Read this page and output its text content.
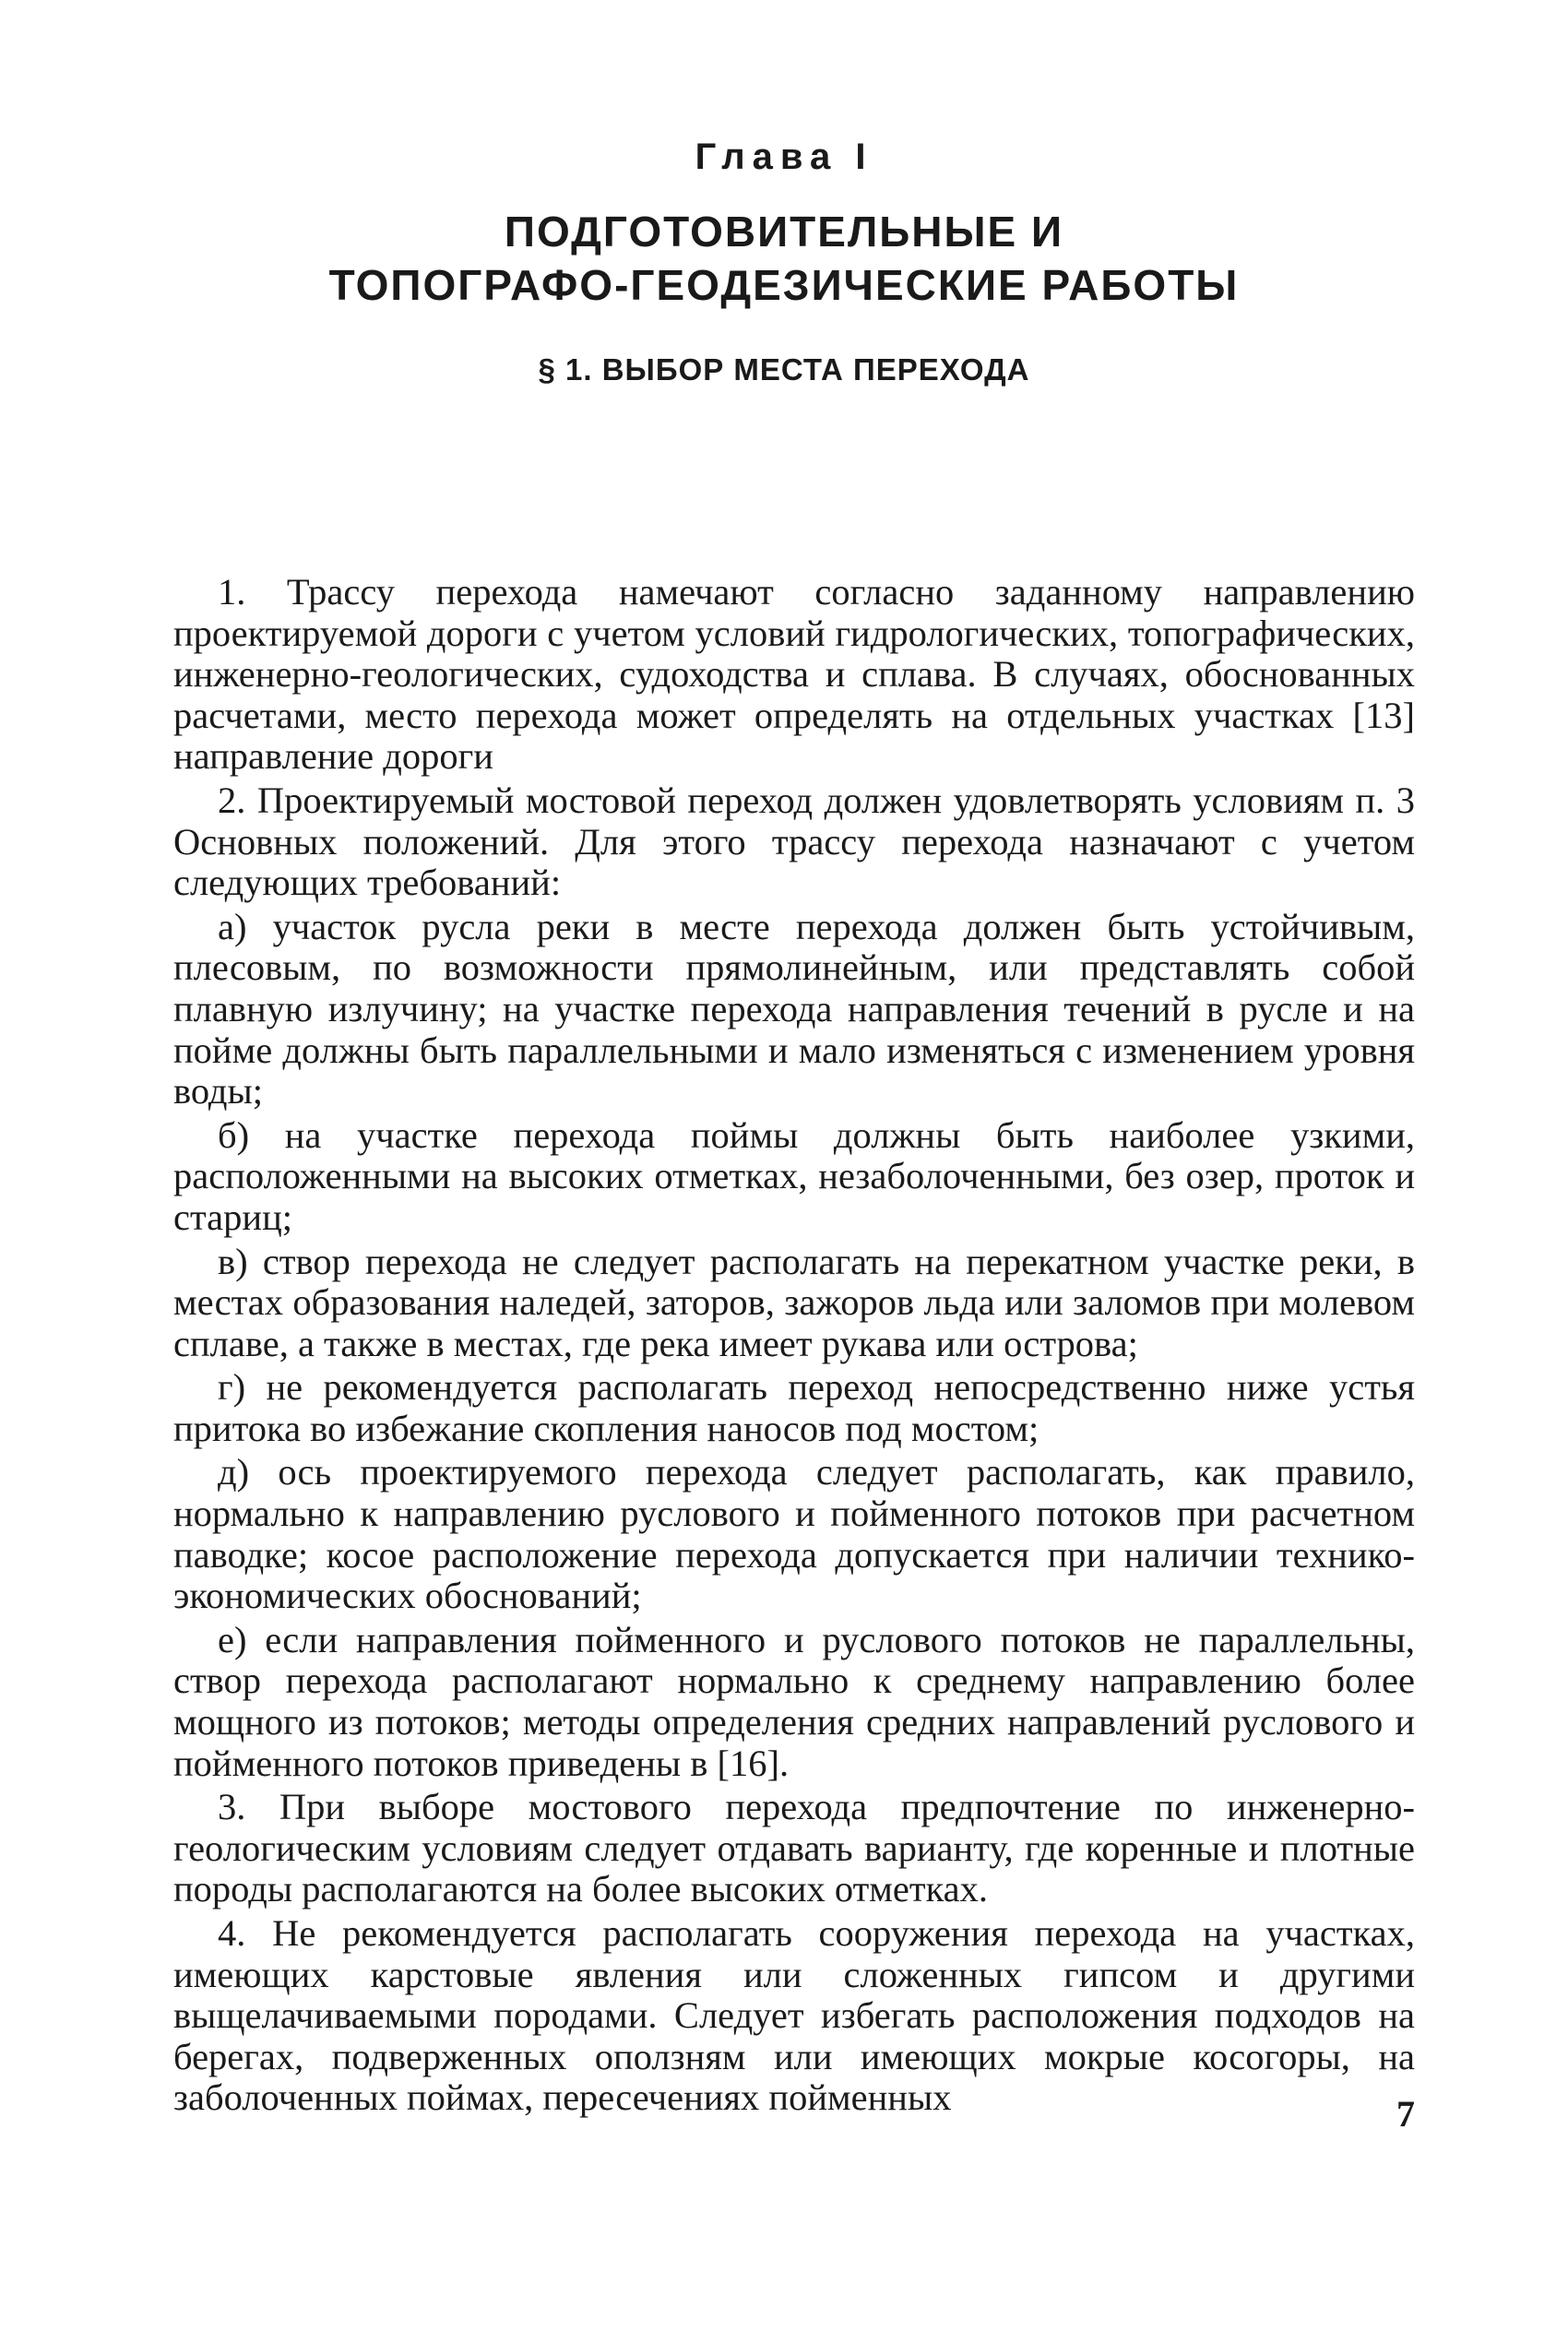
Глава I
ПОДГОТОВИТЕЛЬНЫЕ И
ТОПОГРАФО-ГЕОДЕЗИЧЕСКИЕ РАБОТЫ
§ 1. ВЫБОР МЕСТА ПЕРЕХОДА

1. Трассу перехода намечают согласно заданному направлению проектируемой дороги с учетом условий гидрологических, топографических, инженерно-геологических, судоходства и сплава. В случаях, обоснованных расчетами, место перехода может определять на отдельных участках [13] направление дороги

2. Проектируемый мостовой переход должен удовлетворять условиям п. 3 Основных положений. Для этого трассу перехода назначают с учетом следующих требований:

а) участок русла реки в месте перехода должен быть устойчивым, плесовым, по возможности прямолинейным, или представлять собой плавную излучину; на участке перехода направления течений в русле и на пойме должны быть параллельными и мало изменяться с изменением уровня воды;

б) на участке перехода поймы должны быть наиболее узкими, расположенными на высоких отметках, незаболоченными, без озер, проток и стариц;

в) створ перехода не следует располагать на перекатном участке реки, в местах образования наледей, заторов, зажоров льда или заломов при молевом сплаве, а также в местах, где река имеет рукава или острова;

г) не рекомендуется располагать переход непосредственно ниже устья притока во избежание скопления наносов под мостом;

д) ось проектируемого перехода следует располагать, как правило, нормально к направлению руслового и пойменного потоков при расчетном паводке; косое расположение перехода допускается при наличии технико-экономических обоснований;

е) если направления пойменного и руслового потоков не параллельны, створ перехода располагают нормально к среднему направлению более мощного из потоков; методы определения средних направлений руслового и пойменного потоков приведены в [16].

3. При выборе мостового перехода предпочтение по инженерно-геологическим условиям следует отдавать варианту, где коренные и плотные породы располагаются на более высоких отметках.

4. Не рекомендуется располагать сооружения перехода на участках, имеющих карстовые явления или сложенных гипсом и другими выщелачиваемыми породами. Следует избегать расположения подходов на берегах, подверженных оползням или имеющих мокрые косогоры, на заболоченных поймах, пересечениях пойменных	7
